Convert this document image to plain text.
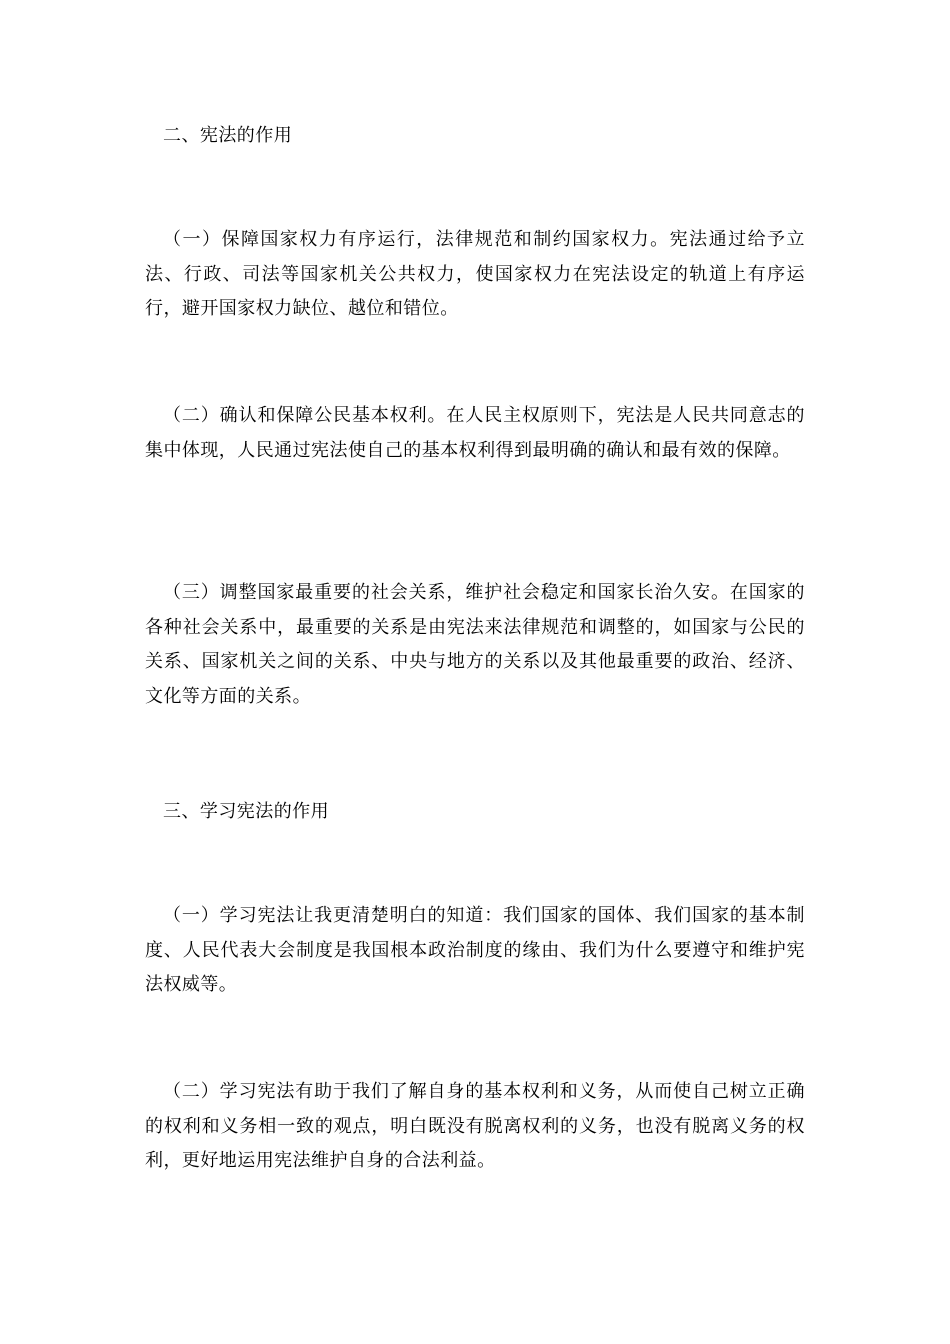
二、宪法的作用

（一）保障国家权力有序运行，法律规范和制约国家权力。宪法通过给予立法、行政、司法等国家机关公共权力，使国家权力在宪法设定的轨道上有序运行，避开国家权力缺位、越位和错位。

（二）确认和保障公民基本权利。在人民主权原则下，宪法是人民共同意志的集中体现，人民通过宪法使自己的基本权利得到最明确的确认和最有效的保障。

（三）调整国家最重要的社会关系，维护社会稳定和国家长治久安。在国家的各种社会关系中，最重要的关系是由宪法来法律规范和调整的，如国家与公民的关系、国家机关之间的关系、中央与地方的关系以及其他最重要的政治、经济、文化等方面的关系。

三、学习宪法的作用

（一）学习宪法让我更清楚明白的知道：我们国家的国体、我们国家的基本制度、人民代表大会制度是我国根本政治制度的缘由、我们为什么要遵守和维护宪法权威等。

（二）学习宪法有助于我们了解自身的基本权利和义务，从而使自己树立正确的权利和义务相一致的观点，明白既没有脱离权利的义务，也没有脱离义务的权利，更好地运用宪法维护自身的合法利益。
